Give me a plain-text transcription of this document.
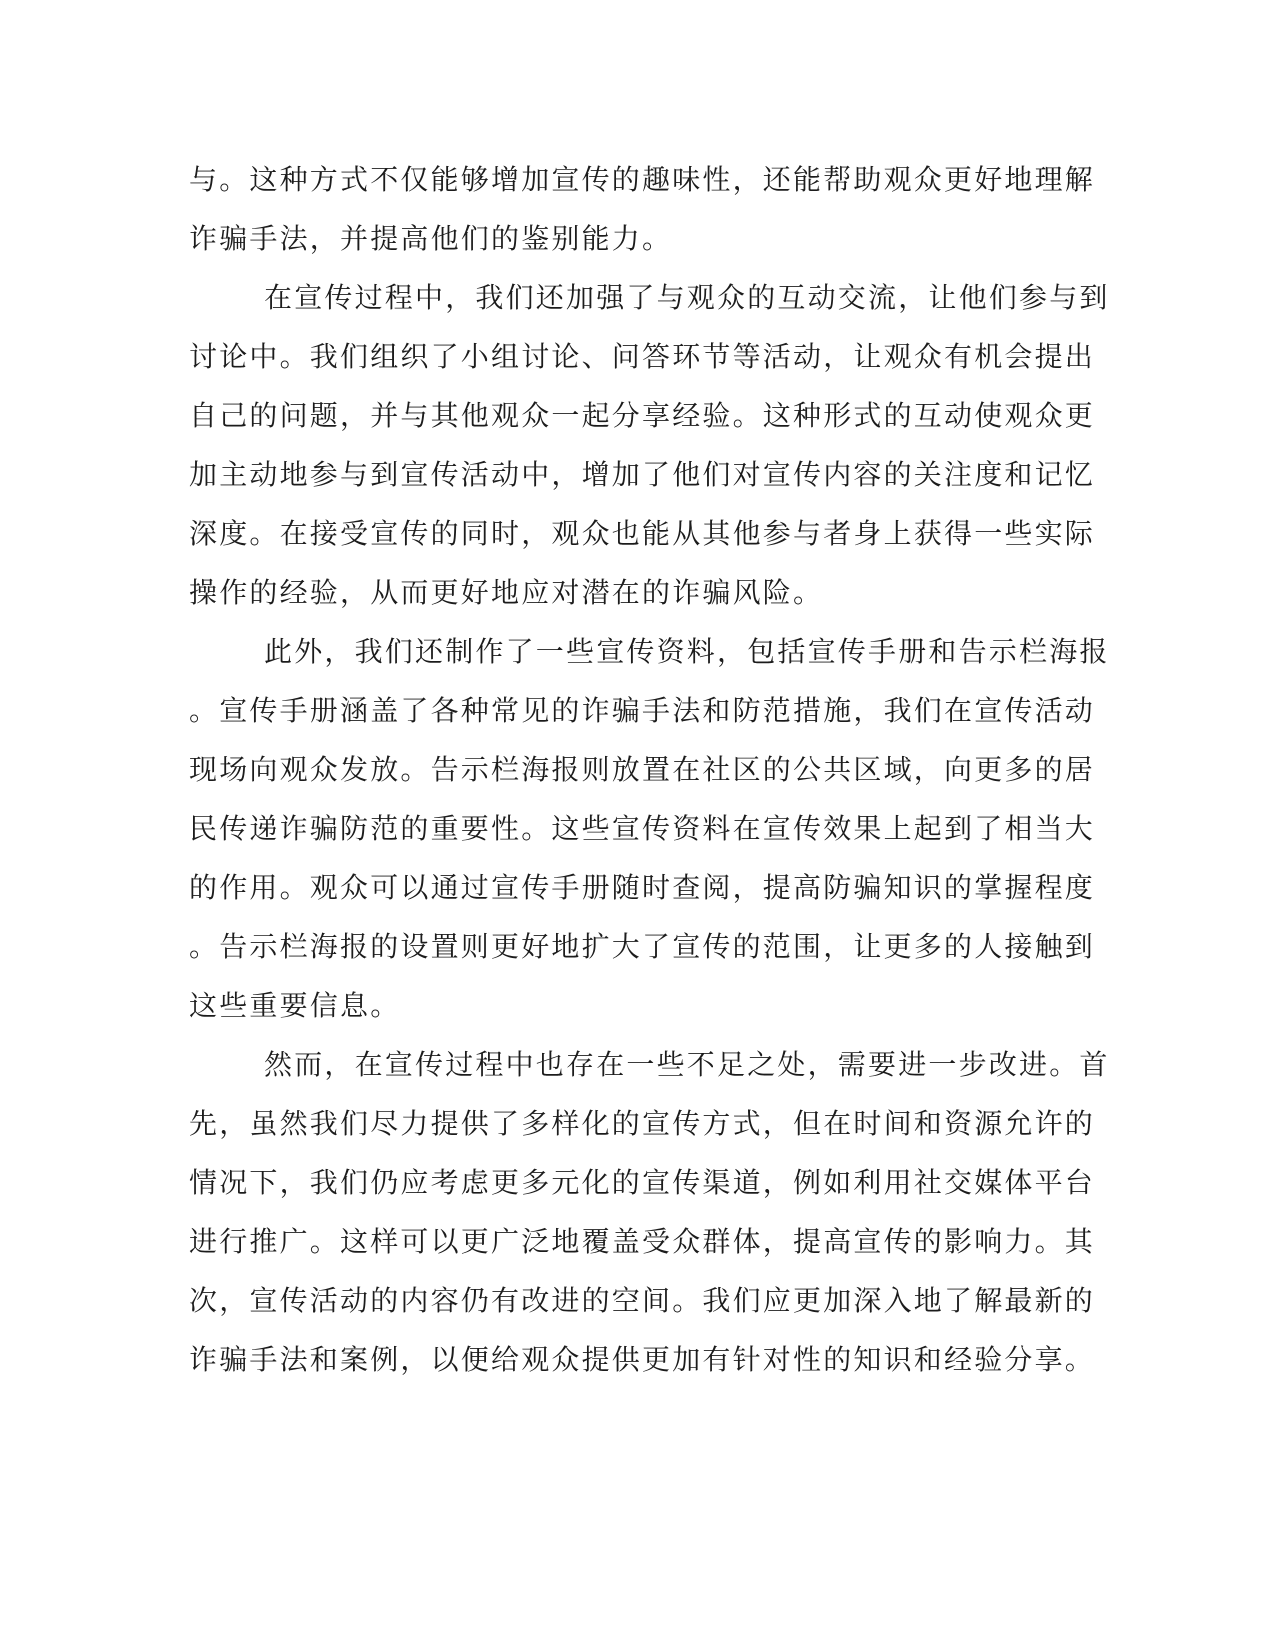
与。这种方式不仅能够增加宣传的趣味性，还能帮助观众更好地理解

诈骗手法，并提高他们的鉴别能力。

在宣传过程中，我们还加强了与观众的互动交流，让他们参与到

讨论中。我们组织了小组讨论、问答环节等活动，让观众有机会提出

自己的问题，并与其他观众一起分享经验。这种形式的互动使观众更

加主动地参与到宣传活动中，增加了他们对宣传内容的关注度和记忆

深度。在接受宣传的同时，观众也能从其他参与者身上获得一些实际

操作的经验，从而更好地应对潜在的诈骗风险。

此外，我们还制作了一些宣传资料，包括宣传手册和告示栏海报

。宣传手册涵盖了各种常见的诈骗手法和防范措施，我们在宣传活动

现场向观众发放。告示栏海报则放置在社区的公共区域，向更多的居

民传递诈骗防范的重要性。这些宣传资料在宣传效果上起到了相当大

的作用。观众可以通过宣传手册随时查阅，提高防骗知识的掌握程度

。告示栏海报的设置则更好地扩大了宣传的范围，让更多的人接触到

这些重要信息。

然而，在宣传过程中也存在一些不足之处，需要进一步改进。首

先，虽然我们尽力提供了多样化的宣传方式，但在时间和资源允许的

情况下，我们仍应考虑更多元化的宣传渠道，例如利用社交媒体平台

进行推广。这样可以更广泛地覆盖受众群体，提高宣传的影响力。其

次，宣传活动的内容仍有改进的空间。我们应更加深入地了解最新的

诈骗手法和案例，以便给观众提供更加有针对性的知识和经验分享。
